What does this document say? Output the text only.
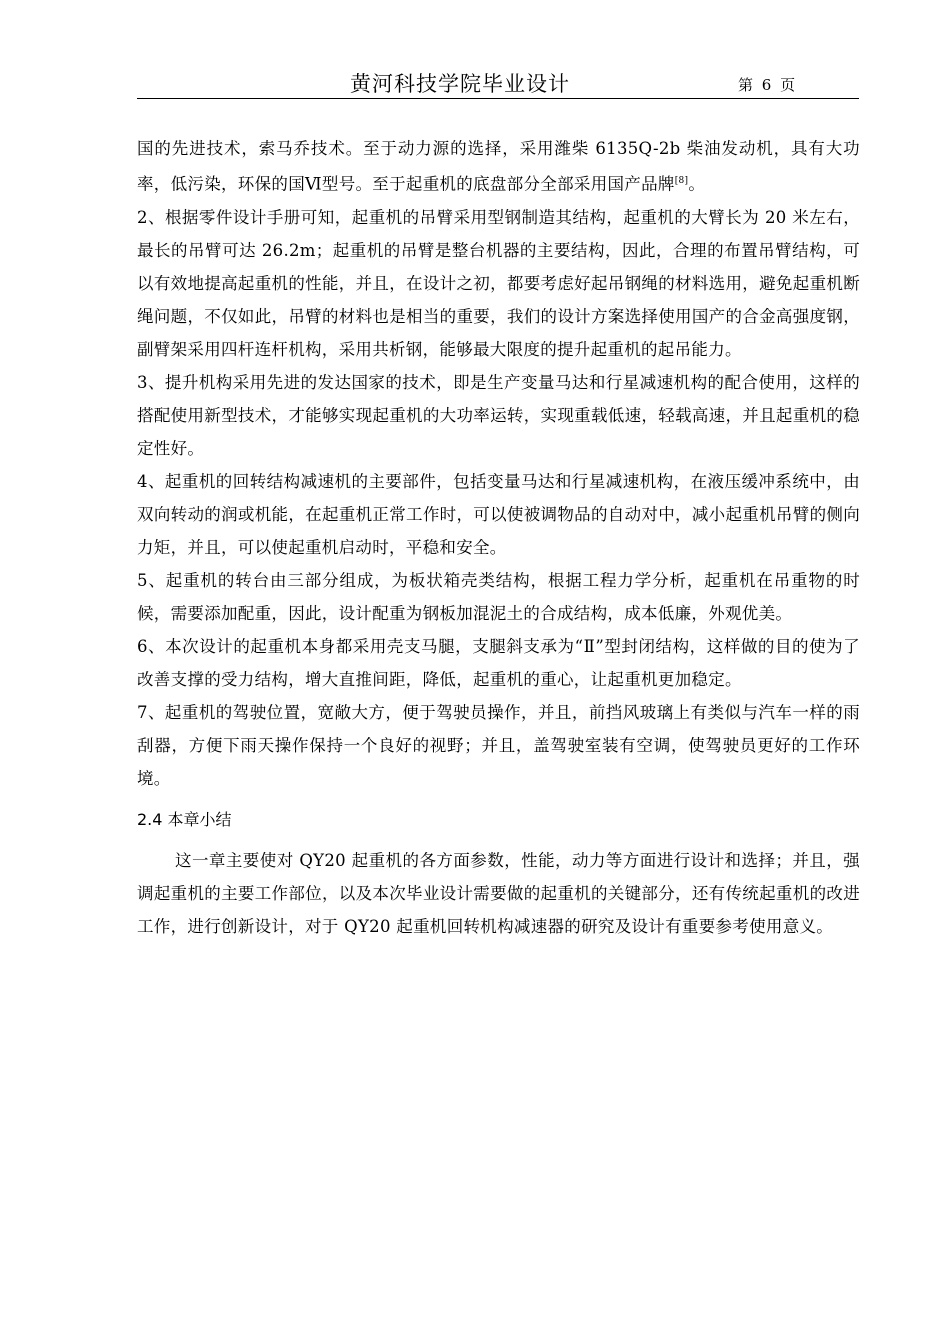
黄河科技学院毕业设计	第 6 页

国的先进技术，索马乔技术。至于动力源的选择，采用潍柴 6135Q-2b 柴油发动机，具有大功率，低污染，环保的国Ⅵ型号。至于起重机的底盘部分全部采用国产品牌[8]。

2、根据零件设计手册可知，起重机的吊臂采用型钢制造其结构，起重机的大臂长为 20 米左右，最长的吊臂可达 26.2m；起重机的吊臂是整台机器的主要结构，因此，合理的布置吊臂结构，可以有效地提高起重机的性能，并且，在设计之初，都要考虑好起吊钢绳的材料选用，避免起重机断绳问题，不仅如此，吊臂的材料也是相当的重要，我们的设计方案选择使用国产的合金高强度钢，副臂架采用四杆连杆机构，采用共析钢，能够最大限度的提升起重机的起吊能力。

3、提升机构采用先进的发达国家的技术，即是生产变量马达和行星减速机构的配合使用，这样的搭配使用新型技术，才能够实现起重机的大功率运转，实现重载低速，轻载高速，并且起重机的稳定性好。

4、起重机的回转结构减速机的主要部件，包括变量马达和行星减速机构，在液压缓冲系统中，由双向转动的润或机能，在起重机正常工作时，可以使被调物品的自动对中，减小起重机吊臂的侧向力矩，并且，可以使起重机启动时，平稳和安全。

5、起重机的转台由三部分组成，为板状箱壳类结构，根据工程力学分析，起重机在吊重物的时候，需要添加配重，因此，设计配重为钢板加混泥土的合成结构，成本低廉，外观优美。

6、本次设计的起重机本身都采用壳支马腿，支腿斜支承为“Ⅱ”型封闭结构，这样做的目的使为了改善支撑的受力结构，增大直推间距，降低，起重机的重心，让起重机更加稳定。

7、起重机的驾驶位置，宽敞大方，便于驾驶员操作，并且，前挡风玻璃上有类似与汽车一样的雨刮器，方便下雨天操作保持一个良好的视野；并且，盖驾驶室装有空调，使驾驶员更好的工作环境。

2.4 本章小结

这一章主要使对 QY20 起重机的各方面参数，性能，动力等方面进行设计和选择；并且，强调起重机的主要工作部位，以及本次毕业设计需要做的起重机的关键部分，还有传统起重机的改进工作，进行创新设计，对于 QY20 起重机回转机构减速器的研究及设计有重要参考使用意义。
